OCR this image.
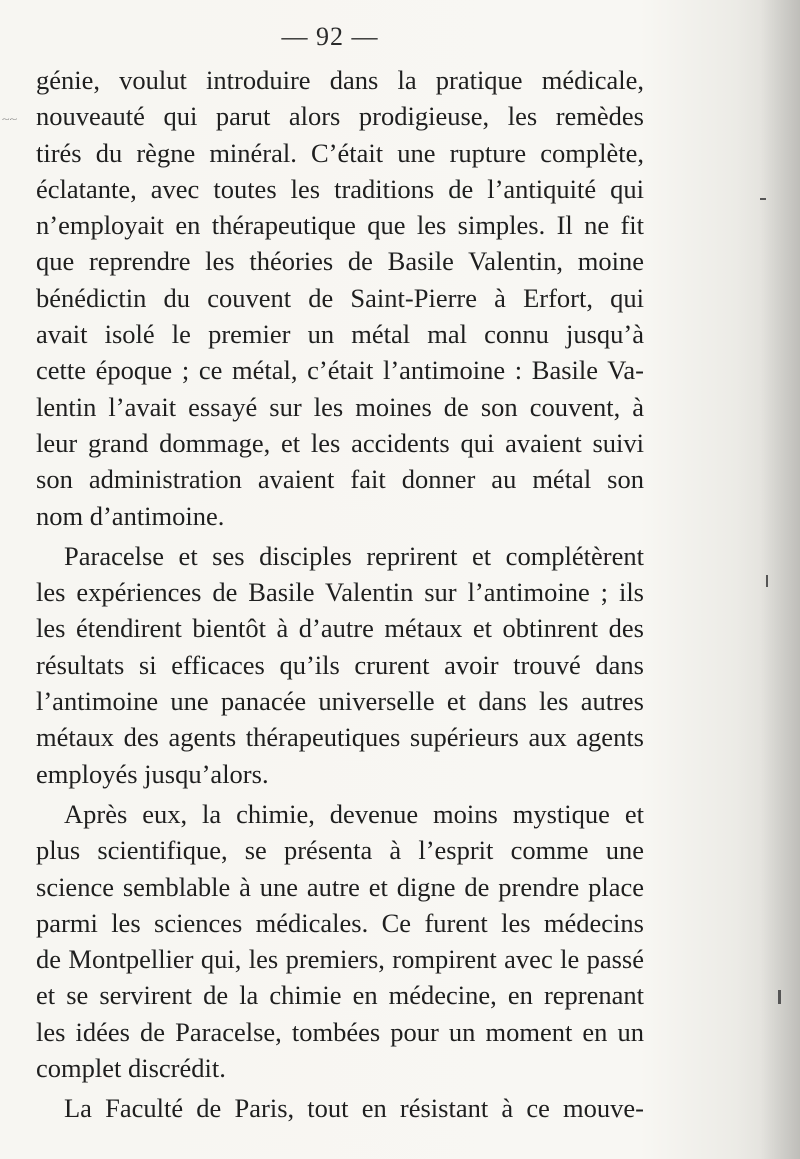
— 92 —
~~
génie, voulut introduire dans la pratique médicale,
nouveauté qui parut alors prodigieuse, les remèdes
tirés du règne minéral. C’était une rupture complète,
éclatante, avec toutes les traditions de l’antiquité qui
n’employait en thérapeutique que les simples. Il ne fit
que reprendre les théories de Basile Valentin, moine
bénédictin du couvent de Saint-Pierre à Erfort, qui
avait isolé le premier un métal mal connu jusqu’à
cette époque ; ce métal, c’était l’antimoine : Basile Va-
lentin l’avait essayé sur les moines de son couvent, à
leur grand dommage, et les accidents qui avaient suivi
son administration avaient fait donner au métal son
nom d’antimoine.
Paracelse et ses disciples reprirent et complétèrent
les expériences de Basile Valentin sur l’antimoine ; ils
les étendirent bientôt à d’autre métaux et obtinrent des
résultats si efficaces qu’ils crurent avoir trouvé dans
l’antimoine une panacée universelle et dans les autres
métaux des agents thérapeutiques supérieurs aux agents
employés jusqu’alors.
Après eux, la chimie, devenue moins mystique et
plus scientifique, se présenta à l’esprit comme une
science semblable à une autre et digne de prendre place
parmi les sciences médicales. Ce furent les médecins
de Montpellier qui, les premiers, rompirent avec le passé
et se servirent de la chimie en médecine, en reprenant
les idées de Paracelse, tombées pour un moment en un
complet discrédit.
La Faculté de Paris, tout en résistant à ce mouve-
